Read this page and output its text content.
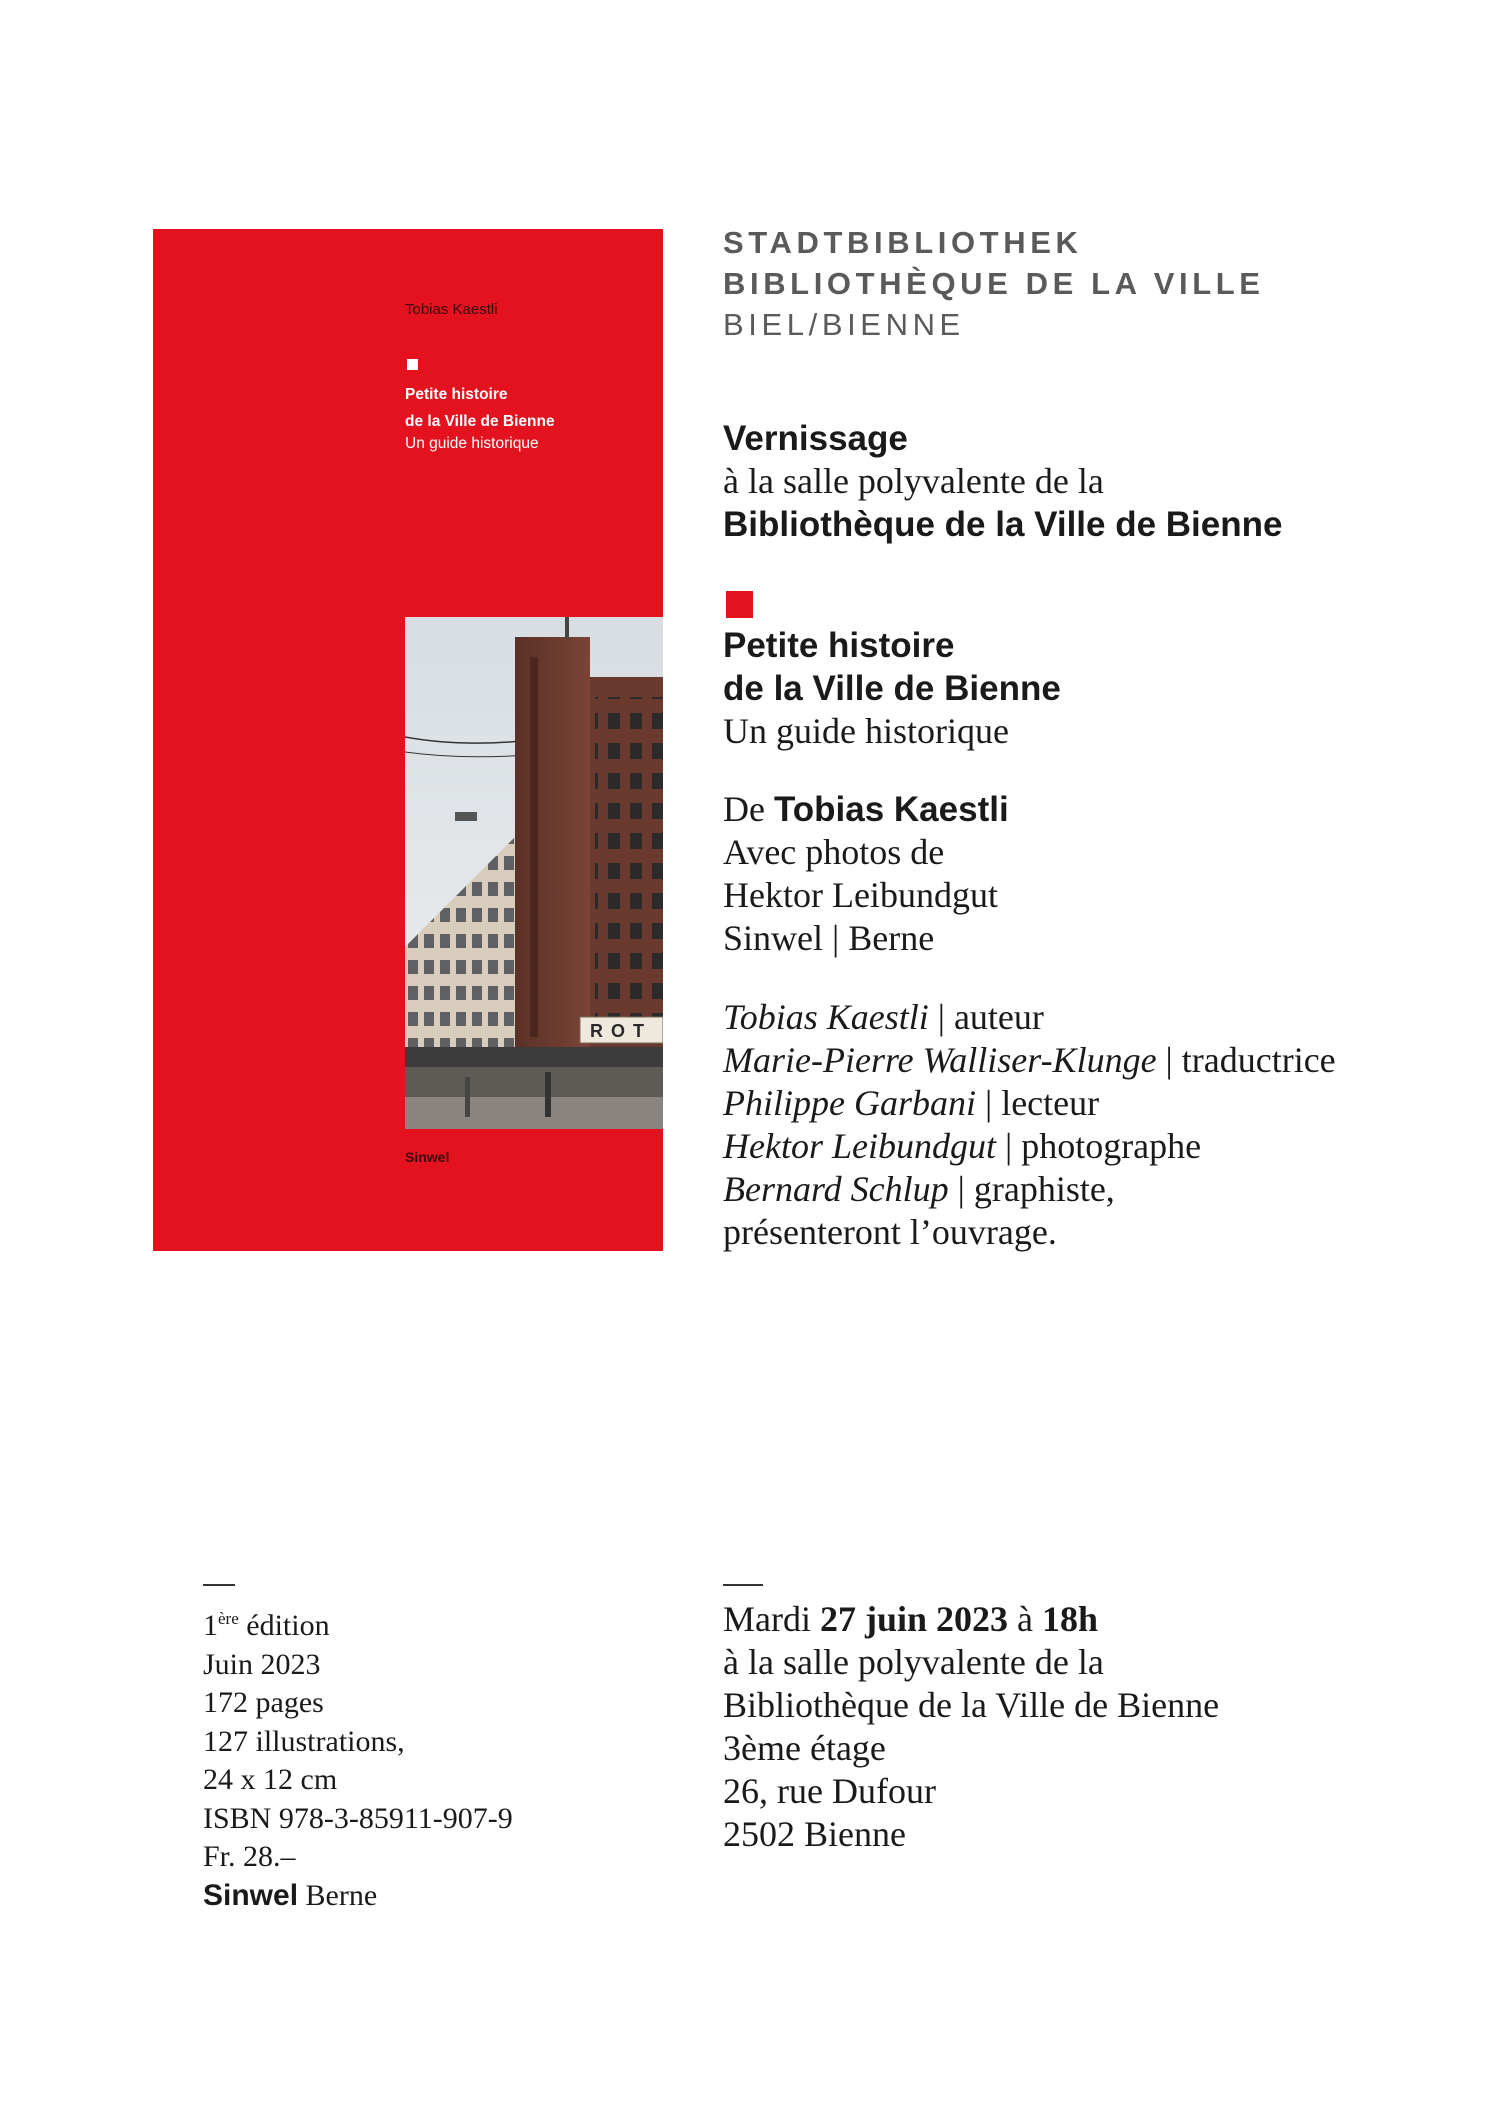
Tobias Kaestli
Petite histoire
de la Ville de Bienne
Un guide historique
ROT
Sinwel
STADTBIBLIOTHEK
BIBLIOTHÈQUE DE LA VILLE
BIEL/BIENNE
Vernissage
à la salle polyvalente de la
Bibliothèque de la Ville de Bienne
Petite histoire
de la Ville de Bienne
Un guide historique
De Tobias Kaestli
Avec photos de
Hektor Leibundgut
Sinwel | Berne
Tobias Kaestli | auteur
Marie-Pierre Walliser-Klunge | traductrice
Philippe Garbani | lecteur
Hektor Leibundgut | photographe
Bernard Schlup | graphiste,
présenteront l’ouvrage.
1ère édition
Juin 2023
172 pages
127 illustrations,
24 x 12 cm
ISBN 978-3-85911-907-9
Fr. 28.–
Sinwel Berne
Mardi 27 juin 2023 à 18h
à la salle polyvalente de la
Bibliothèque de la Ville de Bienne
3ème étage
26, rue Dufour
2502 Bienne
